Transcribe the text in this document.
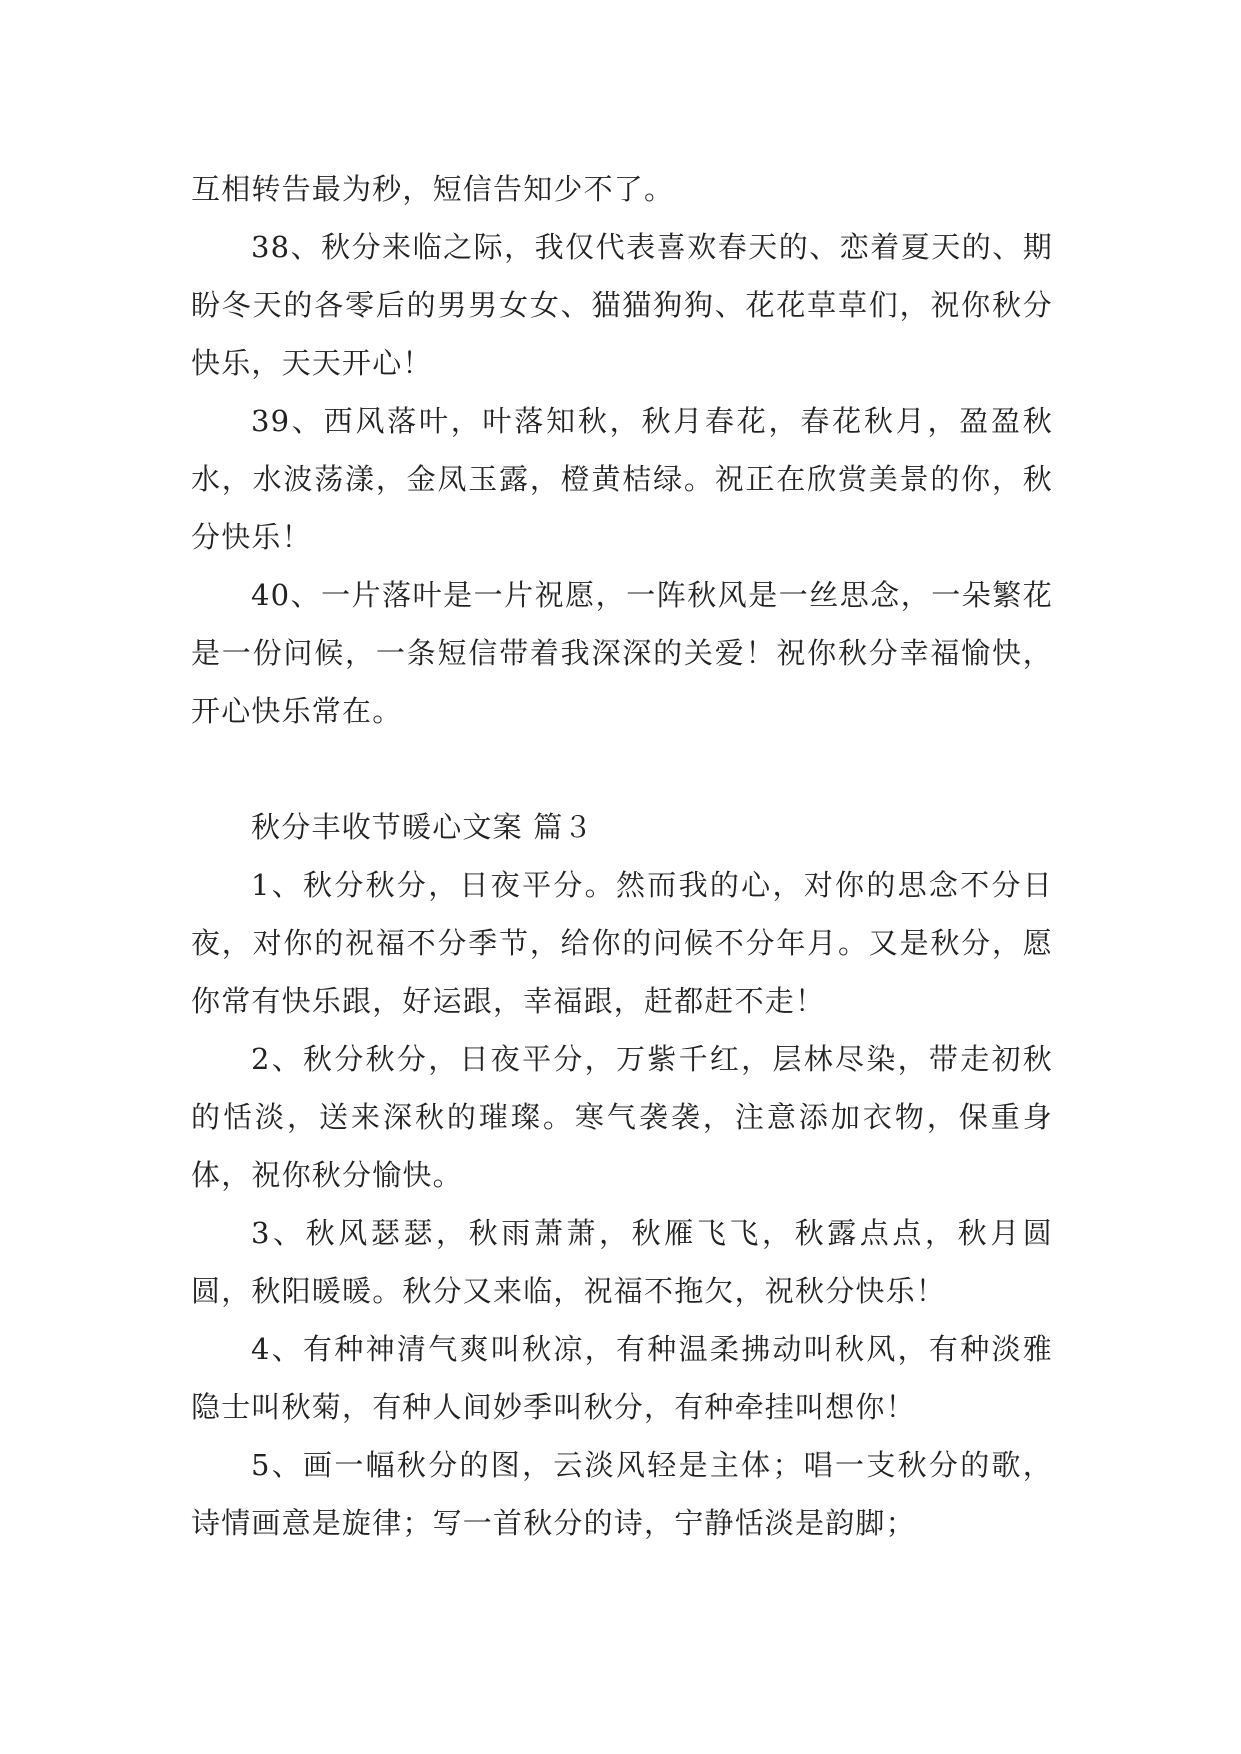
互相转告最为秒，短信告知少不了。

38、秋分来临之际，我仅代表喜欢春天的、恋着夏天的、期盼冬天的各零后的男男女女、猫猫狗狗、花花草草们，祝你秋分快乐，天天开心！

39、西风落叶，叶落知秋，秋月春花，春花秋月，盈盈秋水，水波荡漾，金凤玉露，橙黄桔绿。祝正在欣赏美景的你，秋分快乐！

40、一片落叶是一片祝愿，一阵秋风是一丝思念，一朵繁花是一份问候，一条短信带着我深深的关爱！祝你秋分幸福愉快，开心快乐常在。

秋分丰收节暖心文案 篇３

1、秋分秋分，日夜平分。然而我的心，对你的思念不分日夜，对你的祝福不分季节，给你的问候不分年月。又是秋分，愿你常有快乐跟，好运跟，幸福跟，赶都赶不走！

2、秋分秋分，日夜平分，万紫千红，层林尽染，带走初秋的恬淡，送来深秋的璀璨。寒气袭袭，注意添加衣物，保重身体，祝你秋分愉快。

3、秋风瑟瑟，秋雨萧萧，秋雁飞飞，秋露点点，秋月圆圆，秋阳暖暖。秋分又来临，祝福不拖欠，祝秋分快乐！

4、有种神清气爽叫秋凉，有种温柔拂动叫秋风，有种淡雅隐士叫秋菊，有种人间妙季叫秋分，有种牵挂叫想你！

5、画一幅秋分的图，云淡风轻是主体；唱一支秋分的歌，诗情画意是旋律；写一首秋分的诗，宁静恬淡是韵脚；
